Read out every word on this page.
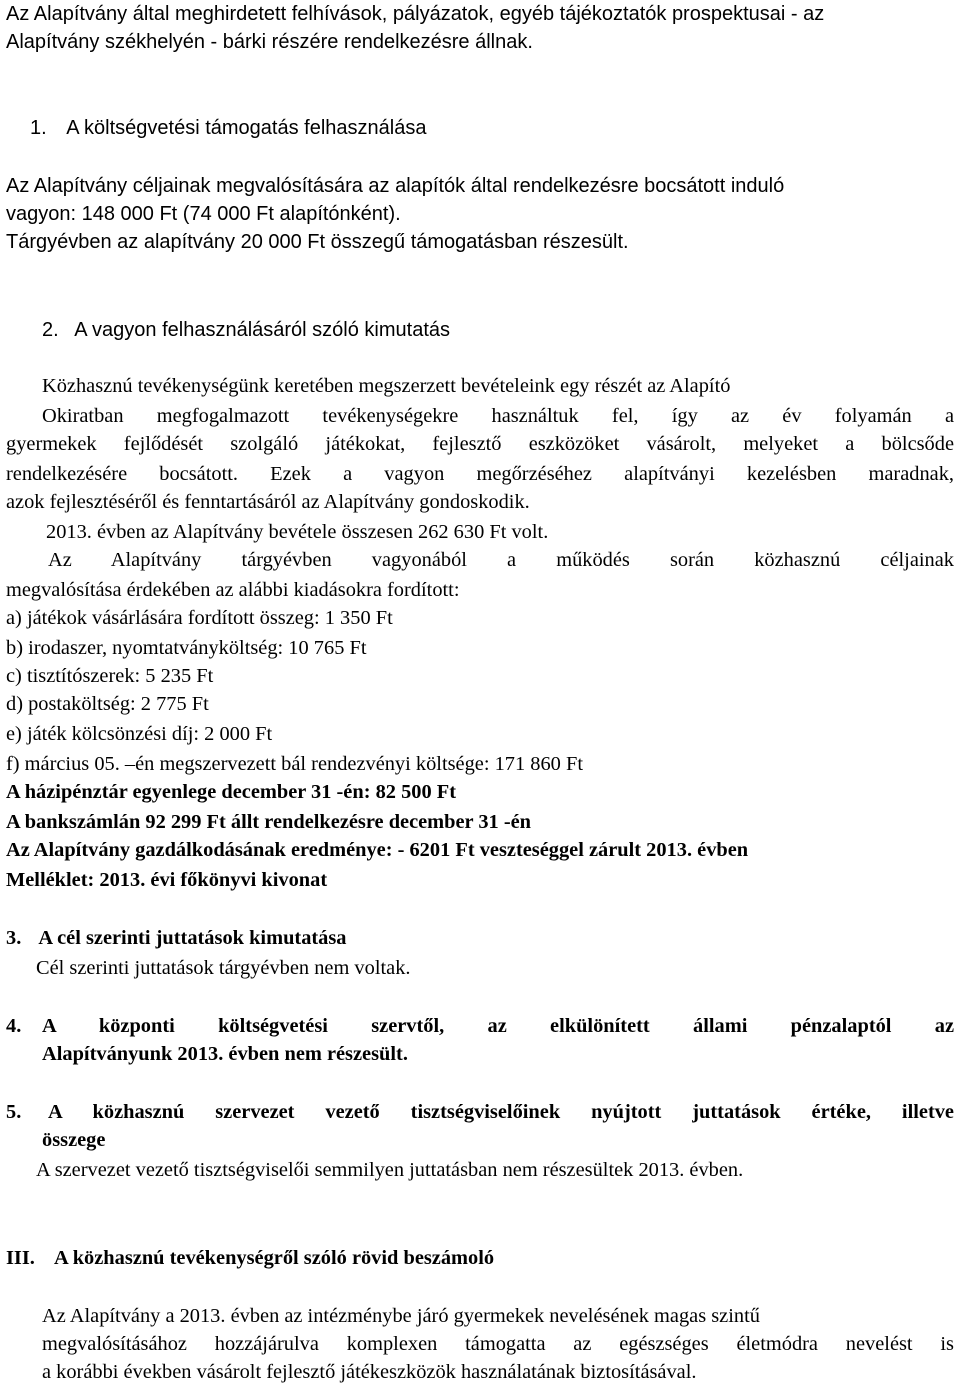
Az Alapítvány által meghirdetett felhívások, pályázatok, egyéb tájékoztatók prospektusai - az
Alapítvány székhelyén - bárki részére rendelkezésre állnak.
1. A költségvetési támogatás felhasználása
Az Alapítvány céljainak megvalósítására az alapítók által rendelkezésre bocsátott induló
vagyon: 148 000 Ft (74 000 Ft alapítónként).
Tárgyévben az alapítvány 20 000 Ft összegű támogatásban részesült.
2. A vagyon felhasználásáról szóló kimutatás
Közhasznú tevékenységünk keretében megszerzett bevételeink egy részét az Alapító
Okiratban megfogalmazott tevékenységekre használtuk fel, így az év folyamán a
gyermekek fejlődését szolgáló játékokat, fejlesztő eszközöket vásárolt, melyeket a bölcsőde
rendelkezésére bocsátott. Ezek a vagyon megőrzéséhez alapítványi kezelésben maradnak,
azok fejlesztéséről és fenntartásáról az Alapítvány gondoskodik.
2013. évben az Alapítvány bevétele összesen 262 630 Ft volt.
Az Alapítvány tárgyévben vagyonából a működés során közhasznú céljainak
megvalósítása érdekében az alábbi kiadásokra fordított:
a) játékok vásárlására fordított összeg: 1 350 Ft
b) irodaszer, nyomtatványköltség: 10 765 Ft
c) tisztítószerek: 5 235 Ft
d) postaköltség: 2 775 Ft
e) játék kölcsönzési díj: 2 000 Ft
f) március 05. –én megszervezett bál rendezvényi költsége: 171 860 Ft
A házipénztár egyenlege december 31 -én: 82 500 Ft
A bankszámlán 92 299 Ft állt rendelkezésre december 31 -én
Az Alapítvány gazdálkodásának eredménye: - 6201 Ft veszteséggel zárult 2013. évben
Melléklet: 2013. évi főkönyvi kivonat
3. A cél szerinti juttatások kimutatása
Cél szerinti juttatások tárgyévben nem voltak.
4. A központi költségvetési szervtől, az elkülönített állami pénzalaptól az
Alapítványunk 2013. évben nem részesült.
5. A közhasznú szervezet vezető tisztségviselőinek nyújtott juttatások értéke, illetve
összege
A szervezet vezető tisztségviselői semmilyen juttatásban nem részesültek 2013. évben.
III. A közhasznú tevékenységről szóló rövid beszámoló
Az Alapítvány a 2013. évben az intézménybe járó gyermekek nevelésének magas szintű
megvalósításához hozzájárulva komplexen támogatta az egészséges életmódra nevelést is
a korábbi években vásárolt fejlesztő játékeszközök használatának biztosításával.
